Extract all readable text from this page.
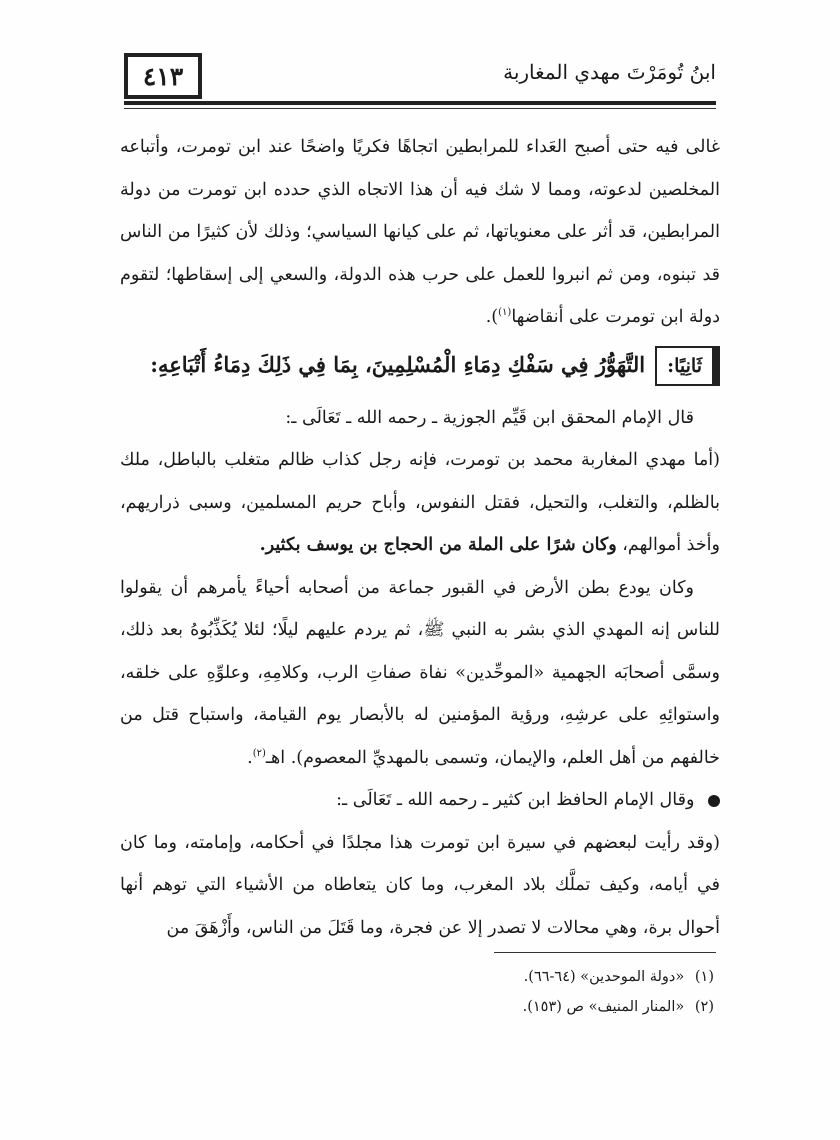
٤١٣	ابنُ تُومَرْتَ مهدي المغاربة

غالى فيه حتى أصبح العَداء للمرابطين اتجاهًا فكريًا واضحًا عند ابن تومرت، وأتباعه المخلصين لدعوته، ومما لا شك فيه أن هذا الاتجاه الذي حدده ابن تومرت من دولة المرابطين، قد أثر على معنوياتها، ثم على كيانها السياسي؛ وذلك لأن كثيرًا من الناس قد تبنوه، ومن ثم انبروا للعمل على حرب هذه الدولة، والسعي إلى إسقاطها؛ لتقوم دولة ابن تومرت على أنقاضها$^{(١)}$).

ثَانِيًا:
التَّهَوُّرُ فِي سَفْكِ دِمَاءِ الْمُسْلِمِينَ، بِمَا فِي ذَلِكَ دِمَاءُ أَتْبَاعِهِ:

قال الإمام المحقق ابن قَيِّم الجوزية ـ رحمه الله ـ تَعَالَى ـ:

(أما مهدي المغاربة محمد بن تومرت، فإنه رجل كذاب ظالم متغلب بالباطل، ملك بالظلم، والتغلب، والتحيل، فقتل النفوس، وأباح حريم المسلمين، وسبى ذراريهم، وأخذ أموالهم، وكان شرًا على الملة من الحجاج بن يوسف بكثير.

وكان يودع بطن الأرض في القبور جماعة من أصحابه أحياءً يأمرهم أن يقولوا للناس إنه المهدي الذي بشر به النبي ﷺ، ثم يردم عليهم ليلًا؛ لئلا يُكَذِّبُوهُ بعد ذلك، وسمَّى أصحابَه الجهمية «الموحِّدين» نفاة صفاتِ الرب، وكلامِهِ، وعلوِّهِ على خلقه، واستوائِهِ على عرشِهِ، ورؤية المؤمنين له بالأبصار يوم القيامة، واستباح قتل من خالفهم من أهل العلم، والإيمان، وتسمى بالمهديِّ المعصوم). اهـ$^{(٢)}$.

وقال الإمام الحافظ ابن كثير ـ رحمه الله ـ تَعَالَى ـ:

(وقد رأيت لبعضهم في سيرة ابن تومرت هذا مجلدًا في أحكامه، وإمامته، وما كان في أيامه، وكيف تملَّك بلاد المغرب، وما كان يتعاطاه من الأشياء التي توهم أنها أحوال برة، وهي محالات لا تصدر إلا عن فجرة، وما قَتَلَ من الناس، وأَزْهَقَ من

(١) «دولة الموحدين» (٦٤-٦٦).

(٢) «المنار المنيف» ص (١٥٣).
